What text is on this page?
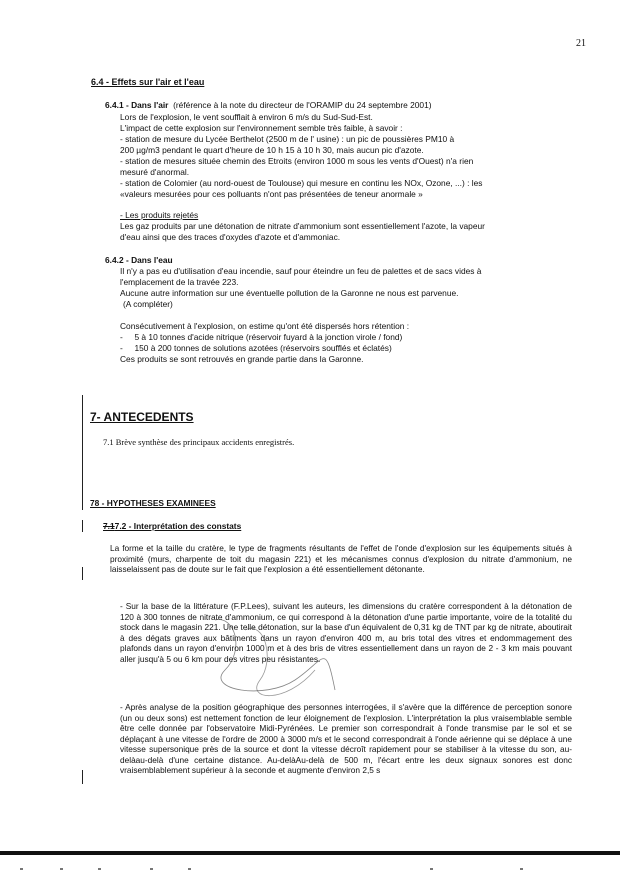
21
6.4 - Effets sur l'air et l'eau
6.4.1 - Dans l'air (référence à la note du directeur de l'ORAMIP du 24 septembre 2001)
Lors de l'explosion, le vent soufflait à environ 6 m/s du Sud-Sud-Est.
L'impact de cette explosion sur l'environnement semble très faible, à savoir :
- station de mesure du Lycée Berthelot (2500 m de l' usine) : un pic de poussières PM10 à
200 µg/m3 pendant le quart d'heure de 10 h 15 à 10 h 30, mais aucun pic d'azote.
- station de mesures située chemin des Etroits (environ 1000 m sous les vents d'Ouest) n'a rien
mesuré d'anormal.
- station de Colomier (au nord-ouest de Toulouse) qui mesure en continu les NOx, Ozone, ...) : les
«valeurs mesurées pour ces polluants n'ont pas présentées de teneur anormale »
- Les produits rejetés
Les gaz produits par une détonation de nitrate d'ammonium sont essentiellement l'azote, la vapeur
d'eau ainsi que des traces d'oxydes d'azote et d'ammoniac.
6.4.2 - Dans l'eau
Il n'y a pas eu d'utilisation d'eau incendie, sauf pour éteindre un feu de palettes et de sacs vides à
l'emplacement de la travée 223.
Aucune autre information sur une éventuelle pollution de la Garonne ne nous est parvenue.
(A compléter)
Consécutivement à l'explosion, on estime qu'ont été dispersés hors rétention :
-     5 à 10 tonnes d'acide nitrique (réservoir fuyard à la jonction virole / fond)
-     150 à 200 tonnes de solutions azotées (réservoirs soufflés et éclatés)
Ces produits se sont retrouvés en grande partie dans la Garonne.
7- ANTECEDENTS
7.1 Brève synthèse des principaux accidents enregistrés.
78 - HYPOTHESES EXAMINEES
7.17.2 - Interprétation des constats
La forme et la taille du cratère, le type de fragments résultants de l'effet de l'onde d'explosion sur les équipements situés à proximité (murs, charpente de toit du magasin 221) et les mécanismes connus d'explosion du nitrate d'ammonium, ne laisselaissent pas de doute sur le fait que l'explosion a été essentiellement détonante.
- Sur la base de la littérature (F.P.Lees), suivant les auteurs, les dimensions du cratère correspondent à la détonation de 120 à 300 tonnes de nitrate d'ammonium, ce qui correspond à la détonation d'une partie importante, voire de la totalité du stock dans le magasin 221. Une telle détonation, sur la base d'un équivalent de 0,31 kg de TNT par kg de nitrate, aboutirait à des dégats graves aux bâtiments dans un rayon d'environ 400 m, au bris total des vitres et endommagement des plafonds dans un rayon d'environ 1000 m et à des bris de vitres essentiellement dans un rayon de 2 - 3 km mais pouvant aller jusqu'à 5 ou 6 km pour des vitres peu résistantes.
- Après analyse de la position géographique des personnes interrogées, il s'avère que la différence de perception sonore (un ou deux sons) est nettement fonction de leur éloignement de l'explosion. L'interprétation la plus vraisemblable semble être celle donnée par l'observatoire Midi-Pyrénées. Le premier son correspondrait à l'onde transmise par le sol et se déplaçant à une vitesse de l'ordre de 2000 à 3000 m/s et le second correspondrait à l'onde aérienne qui se déplace à une vitesse supersonique près de la source et dont la vitesse décroît rapidement pour se stabiliser à la vitesse du son, au-delàau-delà d'une certaine distance. Au-delàAu-delà de 500 m, l'écart entre les deux signaux sonores est donc vraisemblablement supérieur à la seconde et augmente d'environ 2,5 s
